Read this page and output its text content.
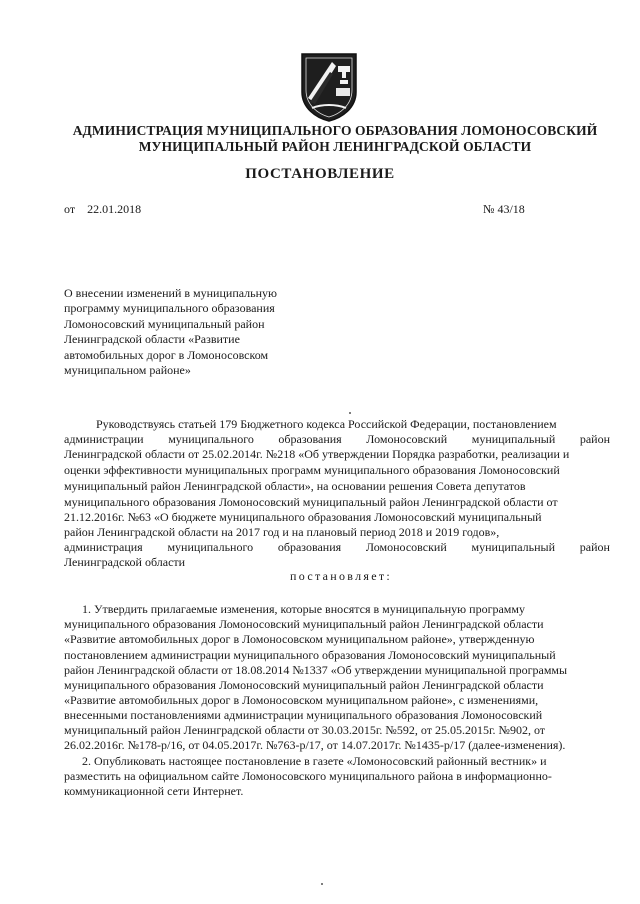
АДМИНИСТРАЦИЯ МУНИЦИПАЛЬНОГО ОБРАЗОВАНИЯ ЛОМОНОСОВСКИЙ
МУНИЦИПАЛЬНЫЙ РАЙОН ЛЕНИНГРАДСКОЙ ОБЛАСТИ
ПОСТАНОВЛЕНИЕ
от 22.01.2018	№ 43/18
О внесении изменений в муниципальную
программу муниципального образования
Ломоносовский муниципальный район
Ленинградской области «Развитие
автомобильных дорог в Ломоносовском
муниципальном районе»
Руководствуясь статьей 179 Бюджетного кодекса Российской Федерации, постановлением
администрации муниципального образования Ломоносовский муниципальный район
Ленинградской области от 25.02.2014г. №218 «Об утверждении Порядка разработки, реализации и
оценки эффективности муниципальных программ муниципального образования Ломоносовский
муниципальный район Ленинградской области», на основании решения Совета депутатов
муниципального образования Ломоносовский муниципальный район Ленинградской области от
21.12.2016г. №63 «О бюджете муниципального образования Ломоносовский муниципальный
район Ленинградской области на 2017 год и на плановый период 2018 и 2019 годов»,
администрация муниципального образования Ломоносовский муниципальный район
Ленинградской области
постановляет:
1. Утвердить прилагаемые изменения, которые вносятся в муниципальную программу
муниципального образования Ломоносовский муниципальный район Ленинградской области
«Развитие автомобильных дорог в Ломоносовском муниципальном районе», утвержденную
постановлением администрации муниципального образования Ломоносовский муниципальный
район Ленинградской области от 18.08.2014 №1337 «Об утверждении муниципальной программы
муниципального образования Ломоносовский муниципальный район Ленинградской области
«Развитие автомобильных дорог в Ломоносовском муниципальном районе», с изменениями,
внесенными постановлениями администрации муниципального образования Ломоносовский
муниципальный район Ленинградской области от 30.03.2015г. №592, от 25.05.2015г. №902, от
26.02.2016г. №178-р/16, от 04.05.2017г. №763-р/17, от 14.07.2017г. №1435-р/17 (далее-изменения).
2. Опубликовать настоящее постановление в газете «Ломоносовский районный вестник» и
разместить на официальном сайте Ломоносовского муниципального района в информационно-
коммуникационной сети Интернет.
